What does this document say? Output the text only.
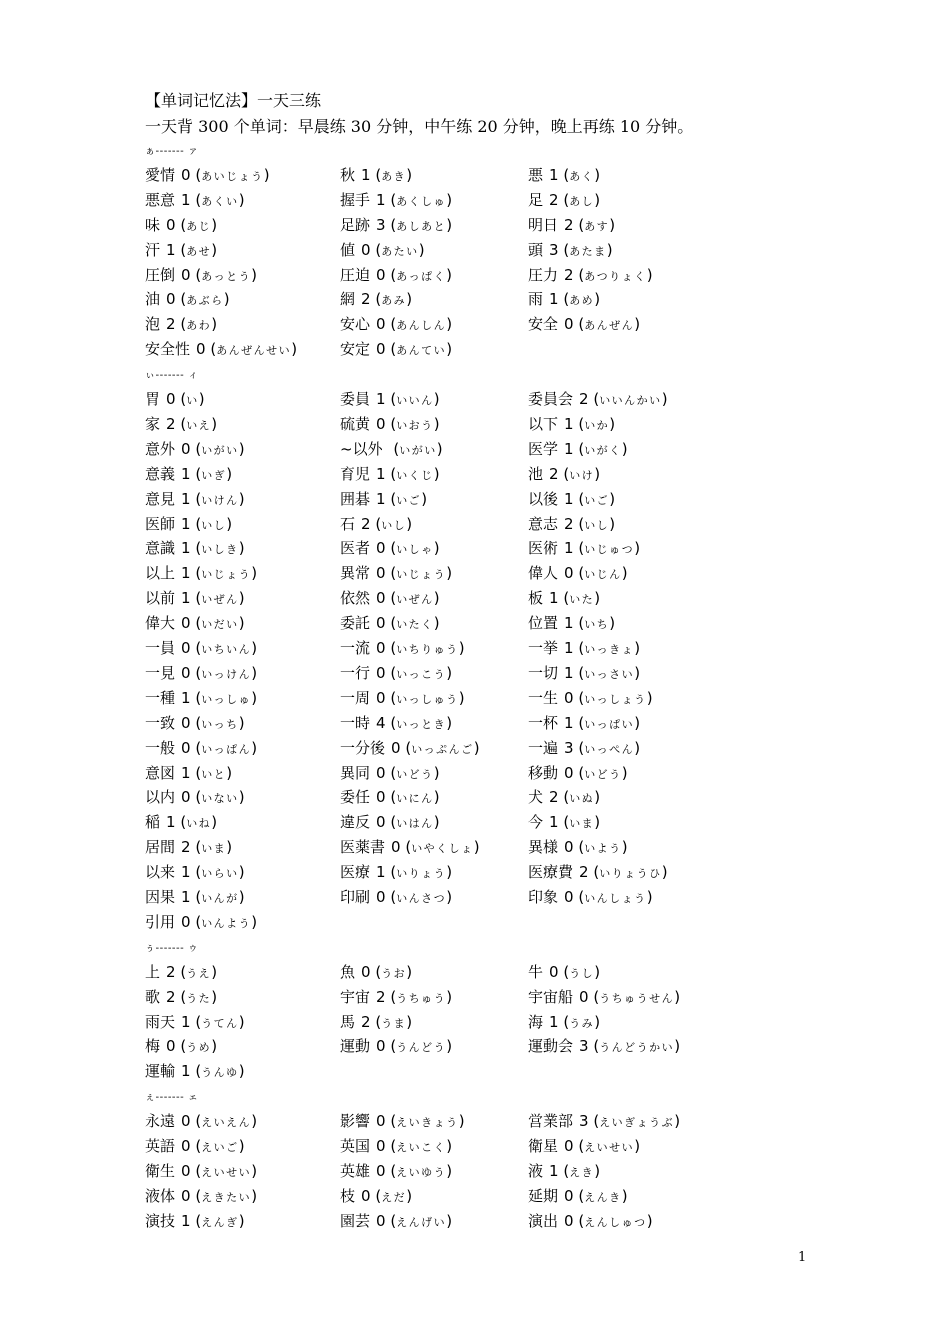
【单词记忆法】一天三练
一天背 300 个单词：早晨练 30 分钟，中午练 20 分钟，晚上再练 10 分钟。
ぁ------- ァ
愛情 0 (あいじょう)	秋 1 (あき)	悪 1 (あく)
悪意 1 (あくい)	握手 1 (あくしゅ)	足 2 (あし)
味 0 (あじ)	足跡 3 (あしあと)	明日 2 (あす)
汗 1 (あせ)	値 0 (あたい)	頭 3 (あたま)
圧倒 0 (あっとう)	圧迫 0 (あっぱく)	圧力 2 (あつりょく)
油 0 (あぶら)	網 2 (あみ)	雨 1 (あめ)
泡 2 (あわ)	安心 0 (あんしん)	安全 0 (あんぜん)
安全性 0 (あんぜんせい)	安定 0 (あんてい)
ぃ------- ィ
胃 0 (い)	委員 1 (いいん)	委員会 2 (いいんかい)
家 2 (いえ)	硫黄 0 (いおう)	以下 1 (いか)
意外 0 (いがい)	~以外 (いがい)	医学 1 (いがく)
意義 1 (いぎ)	育児 1 (いくじ)	池 2 (いけ)
意見 1 (いけん)	囲碁 1 (いご)	以後 1 (いご)
医師 1 (いし)	石 2 (いし)	意志 2 (いし)
意識 1 (いしき)	医者 0 (いしゃ)	医術 1 (いじゅつ)
以上 1 (いじょう)	異常 0 (いじょう)	偉人 0 (いじん)
以前 1 (いぜん)	依然 0 (いぜん)	板 1 (いた)
偉大 0 (いだい)	委託 0 (いたく)	位置 1 (いち)
一員 0 (いちいん)	一流 0 (いちりゅう)	一挙 1 (いっきょ)
一見 0 (いっけん)	一行 0 (いっこう)	一切 1 (いっさい)
一種 1 (いっしゅ)	一周 0 (いっしゅう)	一生 0 (いっしょう)
一致 0 (いっち)	一時 4 (いっとき)	一杯 1 (いっぱい)
一般 0 (いっぱん)	一分後 0 (いっぷんご)	一遍 3 (いっぺん)
意図 1 (いと)	異同 0 (いどう)	移動 0 (いどう)
以内 0 (いない)	委任 0 (いにん)	犬 2 (いぬ)
稲 1 (いね)	違反 0 (いはん)	今 1 (いま)
居間 2 (いま)	医薬書 0 (いやくしょ)	異様 0 (いよう)
以来 1 (いらい)	医療 1 (いりょう)	医療費 2 (いりょうひ)
因果 1 (いんが)	印刷 0 (いんさつ)	印象 0 (いんしょう)
引用 0 (いんよう)
ぅ------- ゥ
上 2 (うえ)	魚 0 (うお)	牛 0 (うし)
歌 2 (うた)	宇宙 2 (うちゅう)	宇宙船 0 (うちゅうせん)
雨天 1 (うてん)	馬 2 (うま)	海 1 (うみ)
梅 0 (うめ)	運動 0 (うんどう)	運動会 3 (うんどうかい)
運輸 1 (うんゆ)
ぇ------- ェ
永遠 0 (えいえん)	影響 0 (えいきょう)	営業部 3 (えいぎょうぶ)
英語 0 (えいご)	英国 0 (えいこく)	衛星 0 (えいせい)
衛生 0 (えいせい)	英雄 0 (えいゆう)	液 1 (えき)
液体 0 (えきたい)	枝 0 (えだ)	延期 0 (えんき)
演技 1 (えんぎ)	園芸 0 (えんげい)	演出 0 (えんしゅつ)
1
